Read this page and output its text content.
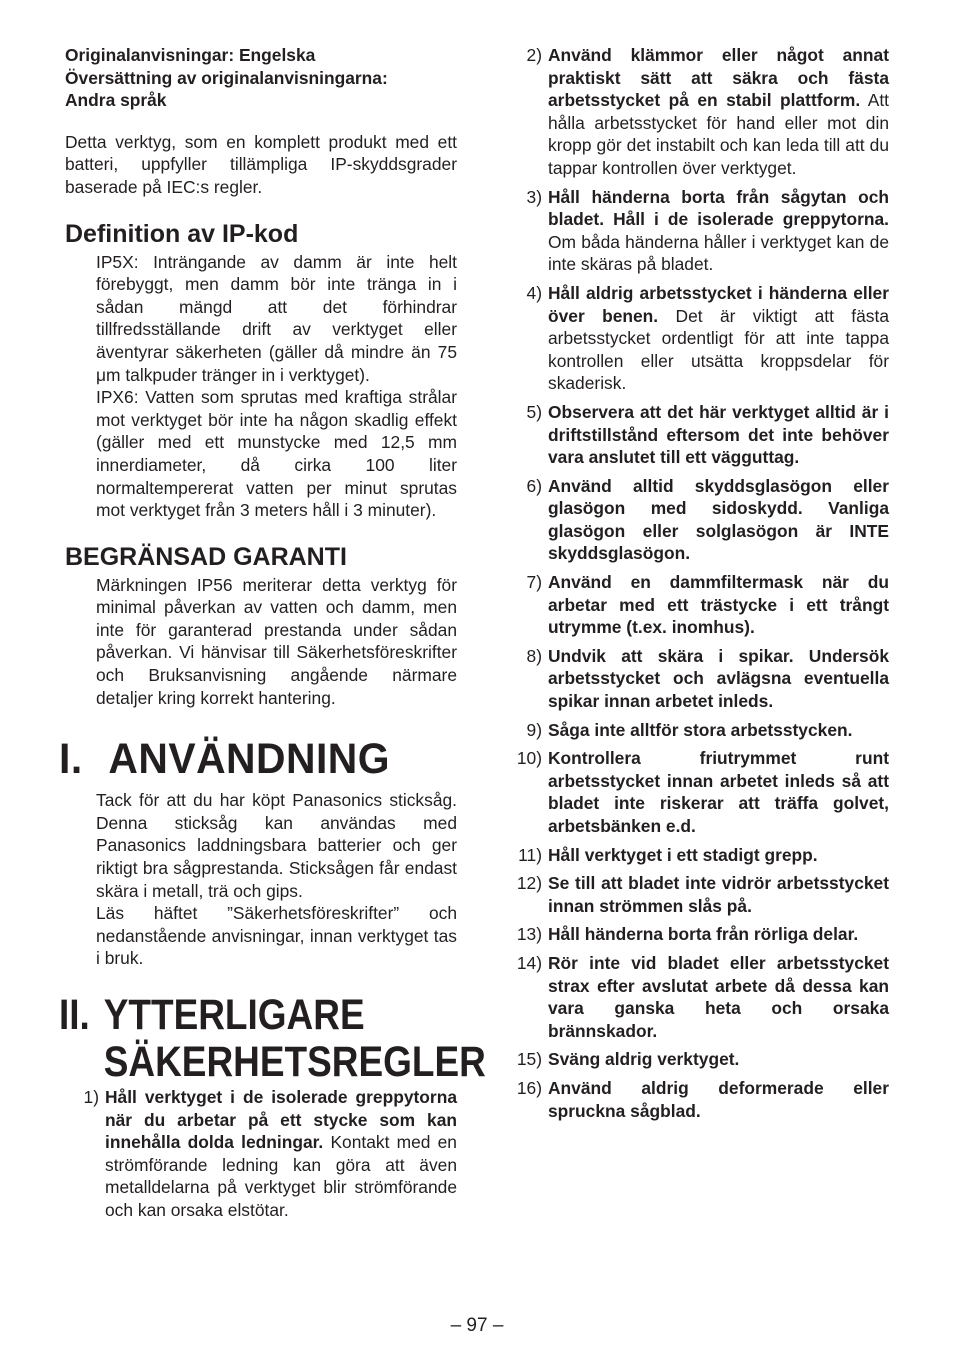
Originalanvisningar: Engelska

Översättning av originalanvisningarna:

Andra språk

Detta verktyg, som en komplett produkt med ett batteri, uppfyller tillämpliga IP-skyddsgrader baserade på IEC:s regler.

Definition av IP-kod

IP5X: Inträngande av damm är inte helt förebyggt, men damm bör inte tränga in i sådan mängd att det förhindrar tillfredsställande drift av verktyget eller äventyrar säkerheten (gäller då mindre än 75 μm talkpuder tränger in i verktyget).

IPX6: Vatten som sprutas med kraftiga strålar mot verktyget bör inte ha någon skadlig effekt (gäller med ett munstycke med 12,5 mm innerdiameter, då cirka 100 liter normaltempererat vatten per minut sprutas mot verktyget från 3 meters håll i 3 minuter).

BEGRÄNSAD GARANTI

Märkningen IP56 meriterar detta verktyg för minimal påverkan av vatten och damm, men inte för garanterad prestanda under sådan påverkan. Vi hänvisar till Säkerhetsföreskrifter och Bruksanvisning angående närmare detaljer kring korrekt hantering.

I. ANVÄNDNING

Tack för att du har köpt Panasonics sticksåg. Denna sticksåg kan användas med Panasonics laddningsbara batterier och ger riktigt bra sågprestanda. Sticksågen får endast skära i metall, trä och gips.

Läs häftet ”Säkerhetsföreskrifter” och nedanstående anvisningar, innan verktyget tas i bruk.

II. YTTERLIGARE
SÄKERHETSREGLER
1) Håll verktyget i de isolerade greppytorna när du arbetar på ett stycke som kan innehålla dolda ledningar. Kontakt med en strömförande ledning kan göra att även metalldelarna på verktyget blir strömförande och kan orsaka elstötar.
2) Använd klämmor eller något annat praktiskt sätt att säkra och fästa arbetsstycket på en stabil plattform. Att hålla arbetsstycket för hand eller mot din kropp gör det instabilt och kan leda till att du tappar kontrollen över verktyget.
3) Håll händerna borta från sågytan och bladet. Håll i de isolerade greppytorna. Om båda händerna håller i verktyget kan de inte skäras på bladet.
4) Håll aldrig arbetsstycket i händerna eller över benen. Det är viktigt att fästa arbetsstycket ordentligt för att inte tappa kontrollen eller utsätta kroppsdelar för skaderisk.
5) Observera att det här verktyget alltid är i driftstillstånd eftersom det inte behöver vara anslutet till ett vägguttag.
6) Använd alltid skyddsglasögon eller glasögon med sidoskydd. Vanliga glasögon eller solglasögon är INTE skyddsglasögon.
7) Använd en dammfiltermask när du arbetar med ett trästycke i ett trångt utrymme (t.ex. inomhus).
8) Undvik att skära i spikar. Undersök arbetsstycket och avlägsna eventuella spikar innan arbetet inleds.
9) Såga inte alltför stora arbetsstycken.
10) Kontrollera friutrymmet runt arbetsstycket innan arbetet inleds så att bladet inte riskerar att träffa golvet, arbetsbänken e.d.
11) Håll verktyget i ett stadigt grepp.
12) Se till att bladet inte vidrör arbetsstycket innan strömmen slås på.
13) Håll händerna borta från rörliga delar.
14) Rör inte vid bladet eller arbetsstycket strax efter avslutat arbete då dessa kan vara ganska heta och orsaka brännskador.
15) Sväng aldrig verktyget.
16) Använd aldrig deformerade eller spruckna sågblad.
– 97 –
